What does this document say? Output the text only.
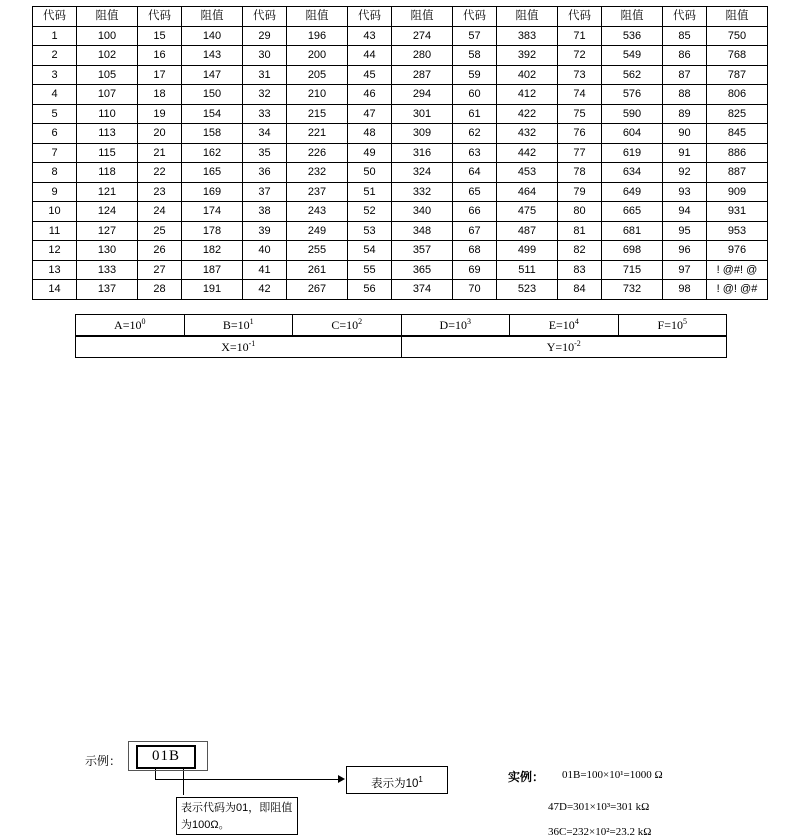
代码	阻值	代码	阻值	代码	阻值	代码	阻值	代码	阻值	代码	阻值	代码	阻值
1	100	15	140	29	196	43	274	57	383	71	536	85	750
2	102	16	143	30	200	44	280	58	392	72	549	86	768
3	105	17	147	31	205	45	287	59	402	73	562	87	787
4	107	18	150	32	210	46	294	60	412	74	576	88	806
5	110	19	154	33	215	47	301	61	422	75	590	89	825
6	113	20	158	34	221	48	309	62	432	76	604	90	845
7	115	21	162	35	226	49	316	63	442	77	619	91	886
8	118	22	165	36	232	50	324	64	453	78	634	92	887
9	121	23	169	37	237	51	332	65	464	79	649	93	909
10	124	24	174	38	243	52	340	66	475	80	665	94	931
11	127	25	178	39	249	53	348	67	487	81	681	95	953
12	130	26	182	40	255	54	357	68	499	82	698	96	976
13	133	27	187	41	261	55	365	69	511	83	715	97	! @#! @
14	137	28	191	42	267	56	374	70	523	84	732	98	! @! @#
$A=10^0$	$B=10^1$	$C=10^2$	$D=10^3$	$E=10^4$	$F=10^5$
$X=10^{-1}$	$Y=10^{-2}$
示例：	01B
表示代码为01，即阻值为100Ω。
表示为$10^1$	实例： 01B=100×10¹=1000 Ω
47D=301×10³=301 kΩ
36C=232×10²=23.2 kΩ
